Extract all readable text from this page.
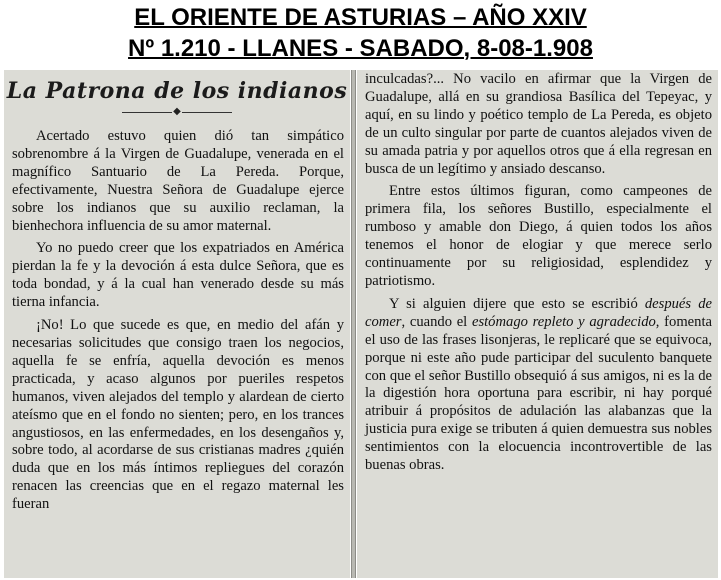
EL ORIENTE DE ASTURIAS – AÑO XXIV
Nº 1.210 - LLANES - SABADO, 8-08-1.908
La Patrona de los indianos
◆

Acertado estuvo quien dió tan simpático sobrenombre á la Virgen de Guadalupe, venerada en el magnífico Santuario de La Pereda. Porque, efectivamente, Nuestra Señora de Guadalupe ejerce sobre los indianos que su auxilio reclaman, la bienhechora influencia de su amor maternal.

Yo no puedo creer que los expatriados en América pierdan la fe y la devoción á esta dulce Señora, que es toda bondad, y á la cual han venerado desde su más tierna infancia.

¡No! Lo que sucede es que, en medio del afán y necesarias solicitudes que consigo traen los negocios, aquella fe se enfría, aquella devoción es menos practicada, y acaso algunos por pueriles respetos humanos, viven alejados del templo y alardean de cierto ateísmo que en el fondo no sienten; pero, en los trances angustiosos, en las enfermedades, en los desengaños y, sobre todo, al acordarse de sus cristianas madres ¿quién duda que en los más íntimos repliegues del corazón renacen las creencias que en el regazo maternal les fueran

inculcadas?... No vacilo en afirmar que la Virgen de Guadalupe, allá en su grandiosa Basílica del Tepeyac, y aquí, en su lindo y poético templo de La Pereda, es objeto de un culto singular por parte de cuantos alejados viven de su amada patria y por aquellos otros que á ella regresan en busca de un legítimo y ansiado descanso.

Entre estos últimos figuran, como campeones de primera fila, los señores Bustillo, especialmente el rumboso y amable don Diego, á quien todos los años tenemos el honor de elogiar y que merece serlo continuamente por su religiosidad, esplendidez y patriotismo.

Y si alguien dijere que esto se escribió después de comer, cuando el estómago repleto y agradecido, fomenta el uso de las frases lisonjeras, le replicaré que se equivoca, porque ni este año pude participar del suculento banquete con que el señor Bustillo obsequió á sus amigos, ni es la de la digestión hora oportuna para escribir, ni hay porqué atribuir á propósitos de adulación las alabanzas que la justicia pura exige se tributen á quien demuestra sus nobles sentimientos con la elocuencia incontrovertible de las buenas obras.
